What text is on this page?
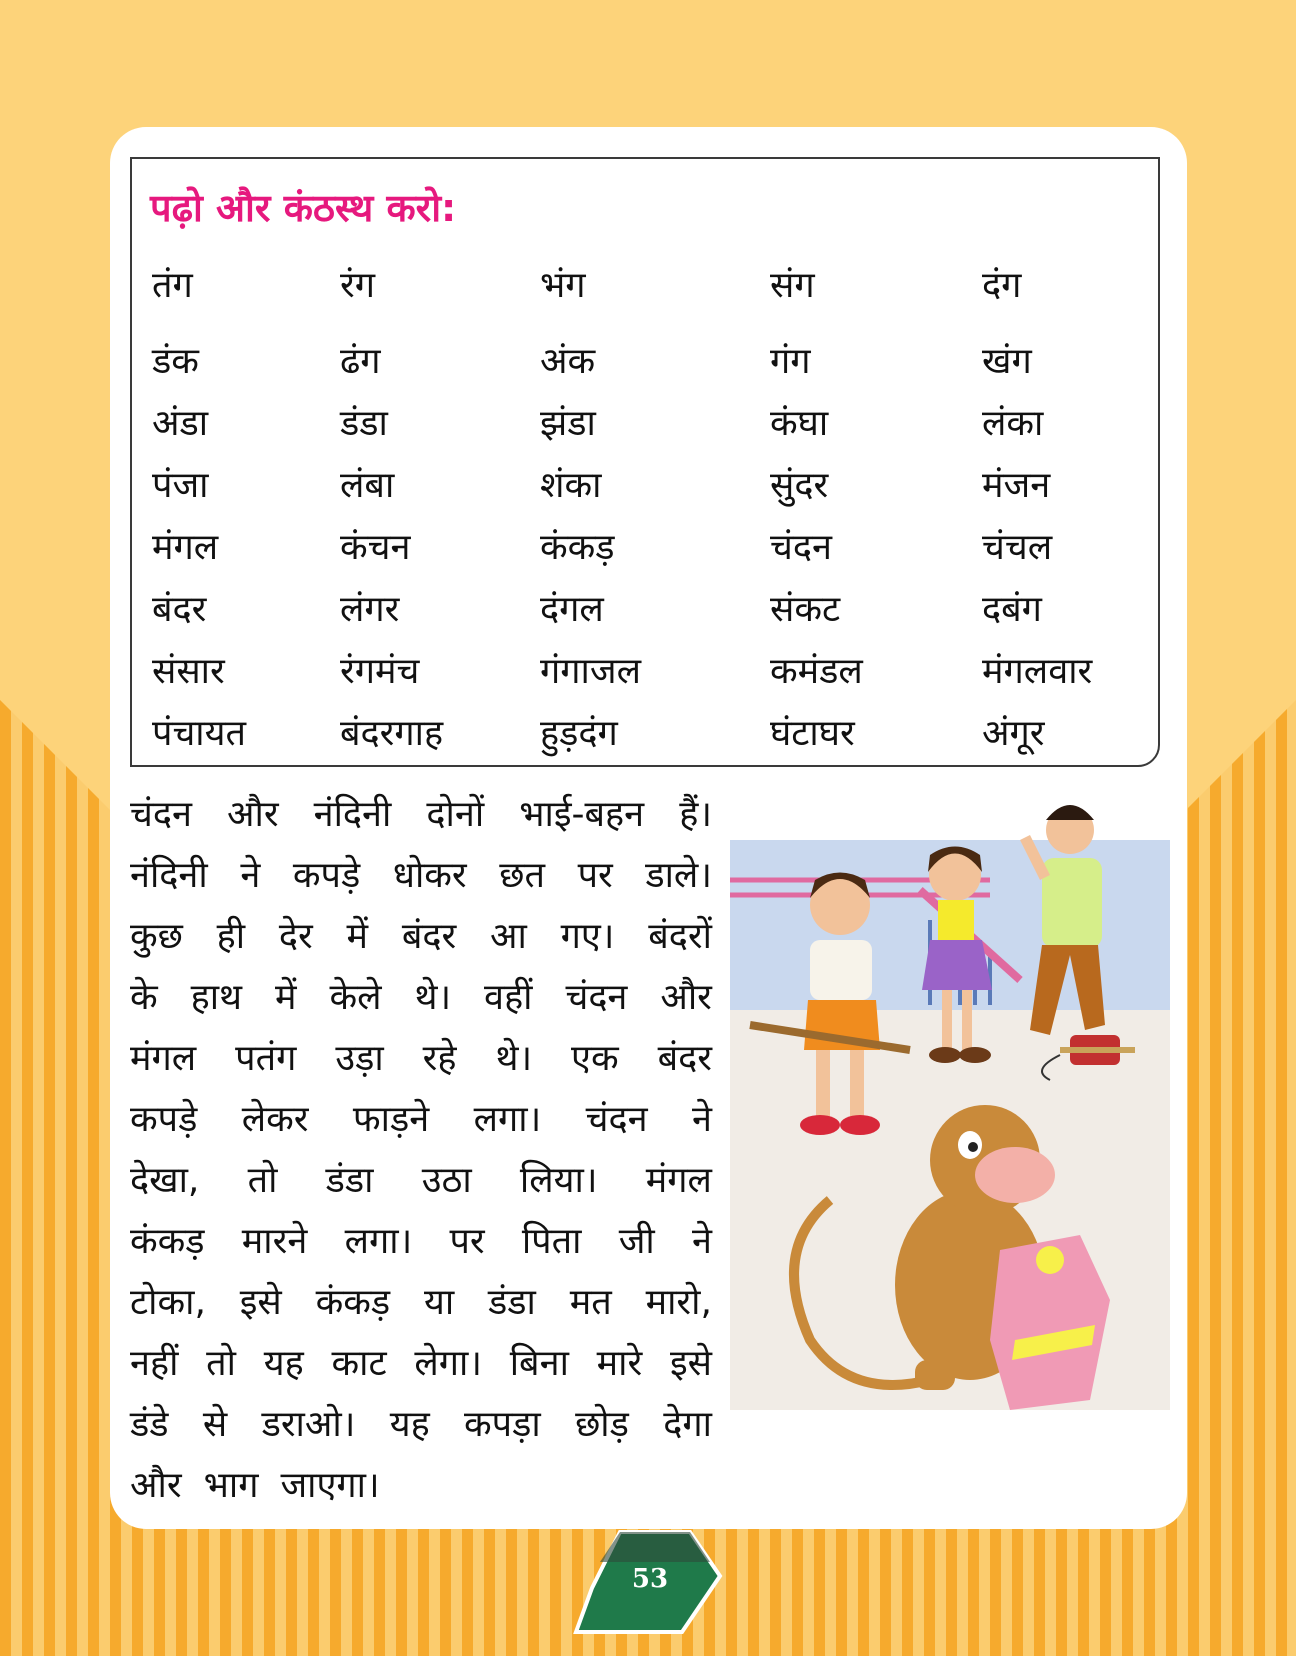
पढ़ो और कंठस्थ करो:
तंग	रंग	भंग	संग	दंग
डंक	ढंग	अंक	गंग	खंग
अंडा	डंडा	झंडा	कंघा	लंका
पंजा	लंबा	शंका	सुंदर	मंजन
मंगल	कंचन	कंकड़	चंदन	चंचल
बंदर	लंगर	दंगल	संकट	दबंग
संसार	रंगमंच	गंगाजल	कमंडल	मंगलवार
पंचायत	बंदरगाह	हुड़दंग	घंटाघर	अंगूर
चंदन और नंदिनी दोनों भाई-बहन हैं।
नंदिनी ने कपड़े धोकर छत पर डाले।
कुछ ही देर में बंदर आ गए। बंदरों
के हाथ में केले थे। वहीं चंदन और
मंगल पतंग उड़ा रहे थे। एक बंदर
कपड़े लेकर फाड़ने लगा। चंदन ने
देखा, तो डंडा उठा लिया। मंगल
कंकड़ मारने लगा। पर पिता जी ने
टोका, इसे कंकड़ या डंडा मत मारो,
नहीं तो यह काट लेगा। बिना मारे इसे
डंडे से डराओ। यह कपड़ा छोड़ देगा
और भाग जाएगा।
53
